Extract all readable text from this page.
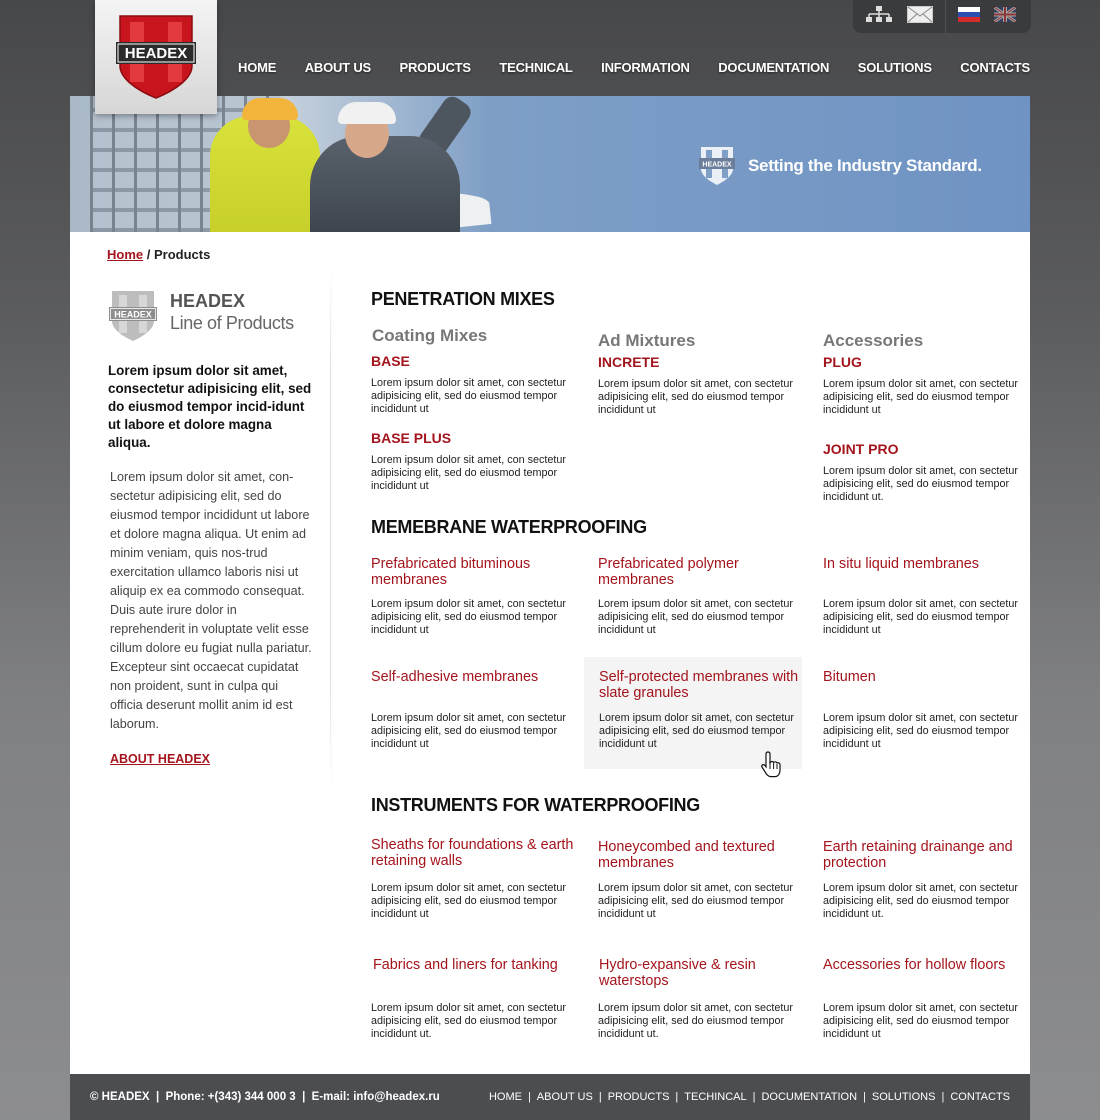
HEADEX
HOME ABOUT US PRODUCTS TECHNICAL INFORMATION DOCUMENTATION SOLUTIONS CONTACTS
HEADEX Setting the Industry Standard.
Home / Products
HEADEX
HEADEX
Line of Products
Lorem ipsum dolor sit amet, consectetur adipisicing elit, sed do eiusmod tempor incid-idunt ut labore et dolore magna aliqua.
Lorem ipsum dolor sit amet, con-sectetur adipisicing elit, sed do eiusmod tempor incididunt ut labore et dolore magna aliqua. Ut enim ad minim veniam, quis nos-trud exercitation ullamco laboris nisi ut aliquip ex ea commodo consequat. Duis aute irure dolor in reprehenderit in voluptate velit esse cillum dolore eu fugiat nulla pariatur. Excepteur sint occaecat cupidatat non proident, sunt in culpa qui officia deserunt mollit anim id est laborum.
ABOUT HEADEX
PENETRATION MIXES
Coating Mixes	Ad Mixtures	Accessories
BASE
Lorem ipsum dolor sit amet, con sectetur adipisicing elit, sed do eiusmod tempor incididunt ut
BASE PLUS
Lorem ipsum dolor sit amet, con sectetur adipisicing elit, sed do eiusmod tempor incididunt ut
INCRETE
Lorem ipsum dolor sit amet, con sectetur adipisicing elit, sed do eiusmod tempor incididunt ut
PLUG
Lorem ipsum dolor sit amet, con sectetur adipisicing elit, sed do eiusmod tempor incididunt ut
JOINT PRO
Lorem ipsum dolor sit amet, con sectetur adipisicing elit, sed do eiusmod tempor incididunt ut.
MEMEBRANE WATERPROOFING
Prefabricated bituminous membranes
Lorem ipsum dolor sit amet, con sectetur adipisicing elit, sed do eiusmod tempor incididunt ut
Prefabricated polymer membranes
Lorem ipsum dolor sit amet, con sectetur adipisicing elit, sed do eiusmod tempor incididunt ut
In situ liquid membranes
Lorem ipsum dolor sit amet, con sectetur adipisicing elit, sed do eiusmod tempor incididunt ut
Self-adhesive membranes
Lorem ipsum dolor sit amet, con sectetur adipisicing elit, sed do eiusmod tempor incididunt ut
Self-protected membranes with slate granules
Lorem ipsum dolor sit amet, con sectetur adipisicing elit, sed do eiusmod tempor incididunt ut
Bitumen
Lorem ipsum dolor sit amet, con sectetur adipisicing elit, sed do eiusmod tempor incididunt ut
INSTRUMENTS FOR WATERPROOFING
Sheaths for foundations & earth retaining walls
Lorem ipsum dolor sit amet, con sectetur adipisicing elit, sed do eiusmod tempor incididunt ut
Honeycombed and textured membranes
Lorem ipsum dolor sit amet, con sectetur adipisicing elit, sed do eiusmod tempor incididunt ut
Earth retaining drainange and protection
Lorem ipsum dolor sit amet, con sectetur adipisicing elit, sed do eiusmod tempor incididunt ut.
Fabrics and liners for tanking
Lorem ipsum dolor sit amet, con sectetur adipisicing elit, sed do eiusmod tempor incididunt ut.
Hydro-expansive & resin waterstops
Lorem ipsum dolor sit amet, con sectetur adipisicing elit, sed do eiusmod tempor incididunt ut.
Accessories for hollow floors
Lorem ipsum dolor sit amet, con sectetur adipisicing elit, sed do eiusmod tempor incididunt ut
© HEADEX  |  Phone: +(343) 344 000 3  |  E-mail: info@headex.ru	HOME | ABOUT US | PRODUCTS | TECHINCAL | DOCUMENTATION | SOLUTIONS | CONTACTS
